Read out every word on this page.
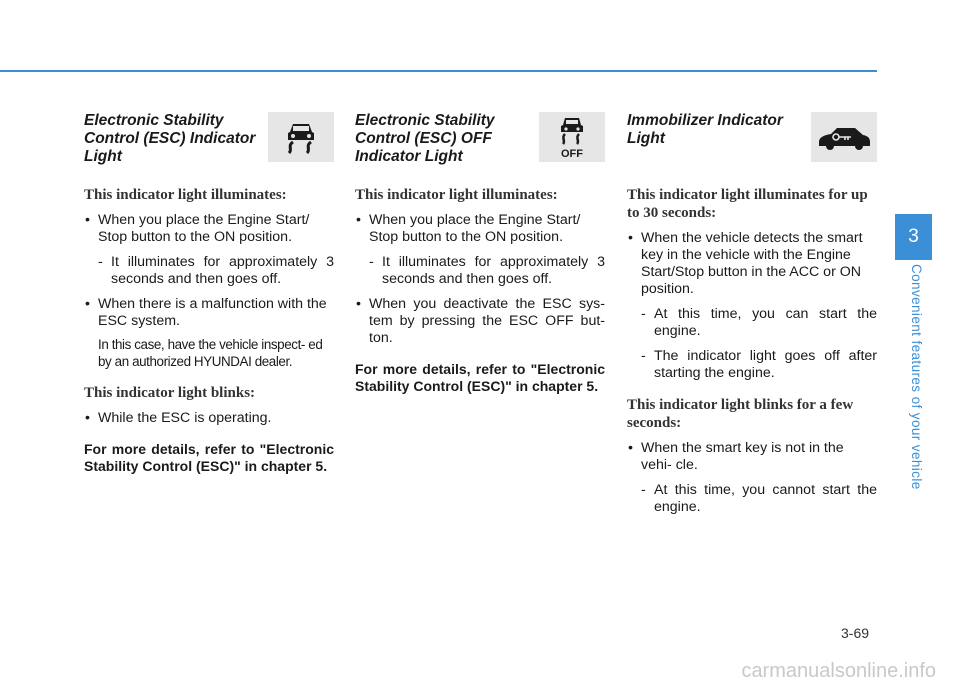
Electronic Stability
Control (ESC) Indicator
Light
This indicator light illuminates:
• When you place the Engine Start/ Stop button to the ON position.
- It illuminates for approximately 3 seconds and then goes off.
• When there is a malfunction with the ESC system.
In this case, have the vehicle inspect- ed by an authorized HYUNDAI dealer.
This indicator light blinks:
• While the ESC is operating.
For more details, refer to "Electronic Stability Control (ESC)" in chapter 5.
Electronic Stability
Control (ESC) OFF
Indicator Light	OFF
This indicator light illuminates:
• When you place the Engine Start/ Stop button to the ON position.
- It illuminates for approximately 3 seconds and then goes off.
• When you deactivate the ESC sys- tem by pressing the ESC OFF but- ton.
For more details, refer to "Electronic Stability Control (ESC)" in chapter 5.
Immobilizer Indicator
Light
This indicator light illuminates for up to 30 seconds:
• When the vehicle detects the smart key in the vehicle with the Engine Start/Stop button in the ACC or ON position.
- At this time, you can start the engine.
- The indicator light goes off after starting the engine.
This indicator light blinks for a few seconds:
• When the smart key is not in the vehi- cle.
- At this time, you cannot start the engine.
3
Convenient features of your vehicle
3-69
carmanualsonline.info
